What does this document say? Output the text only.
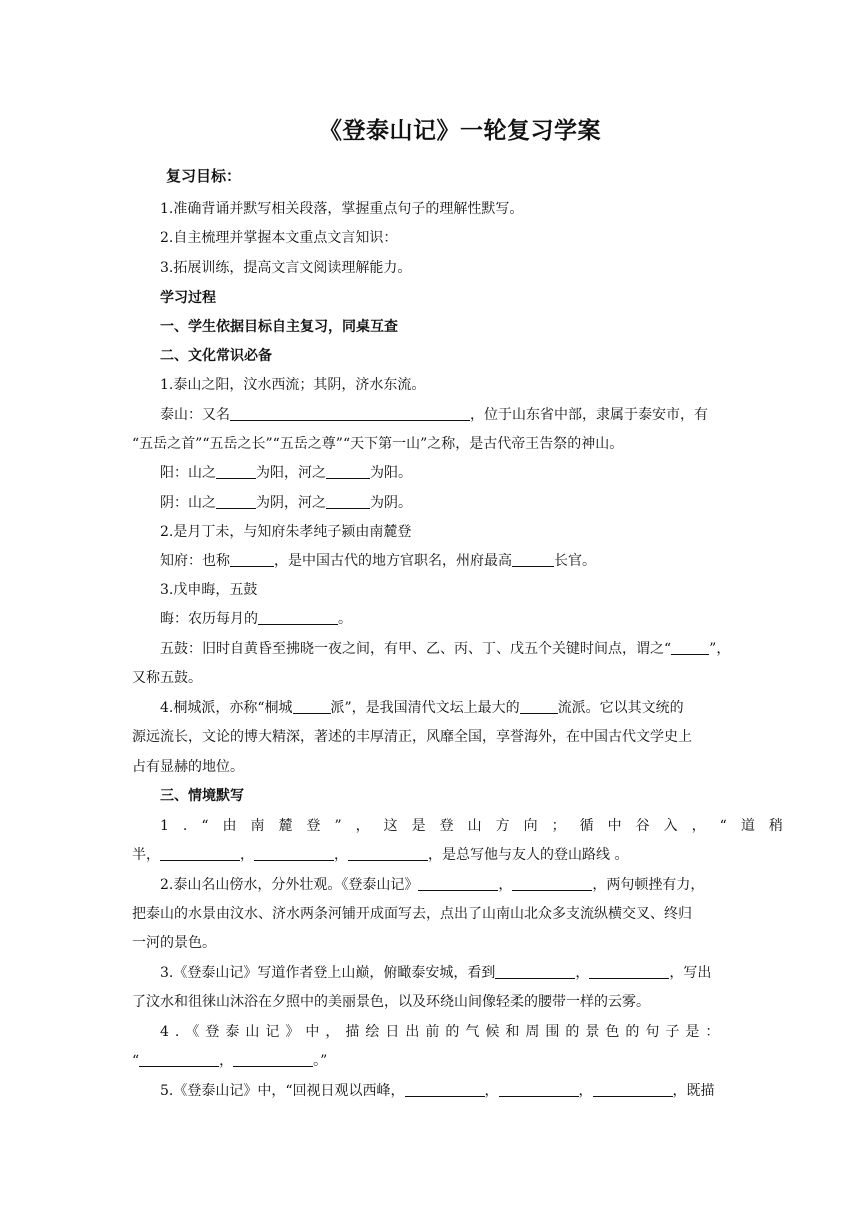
《登泰山记》一轮复习学案
复习目标：
1.准确背诵并默写相关段落，掌握重点句子的理解性默写。
2.自主梳理并掌握本文重点文言知识：
3.拓展训练，提高文言文阅读理解能力。
学习过程
一、学生依据目标自主复习，同桌互查
二、文化常识必备
1.泰山之阳，汶水西流；其阴，济水东流。
泰山：又名	，位于山东省中部，隶属于泰安市，有
“五岳之首”“五岳之长”“五岳之尊”“天下第一山”之称，是古代帝王告祭的神山。
阳：山之	为阳，河之	为阳。
阴：山之	为阴，河之	为阴。
2.是月丁未，与知府朱孝纯子颍由南麓登
知府：也称	，是中国古代的地方官职名，州府最高	长官。
3.戊申晦，五鼓
晦：农历每月的	。
五鼓：旧时自黄昏至拂晓一夜之间，有甲、乙、丙、丁、戊五个关键时间点，谓之“	”，
又称五鼓。
4.桐城派，亦称“桐城	派”，是我国清代文坛上最大的	流派。它以其文统的
源远流长，文论的博大精深，著述的丰厚清正，风靡全国，享誉海外，在中国古代文学史上
占有显赫的地位。
三、情境默写
1.“由南麓登”，这是登山方向；循中谷入，“道稍
半，	，	，	，是总写他与友人的登山路线 。
2.泰山名山傍水，分外壮观。《登泰山记》	，	，两句顿挫有力，
把泰山的水景由汶水、济水两条河铺开成面写去，点出了山南山北众多支流纵横交叉、终归
一河的景色。
3.《登泰山记》写道作者登上山巅，俯瞰泰安城，看到	，	，写出
了汶水和徂徕山沐浴在夕照中的美丽景色，以及环绕山间像轻柔的腰带一样的云雾。
4.《登泰山记》中，描绘日出前的气候和周围的景色的句子是：
“	，	。”
5.《登泰山记》中，“回视日观以西峰，	，	，	，既描
